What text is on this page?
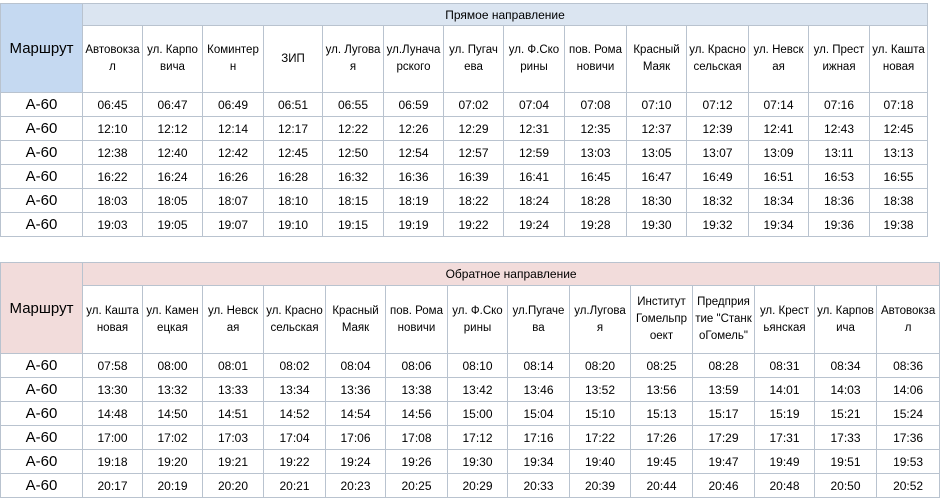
Маршрут	Прямое направление													
	Автовокзал	ул. Карповича	Коминтерн	ЗИП	ул. Луговая	ул.Луначарского	ул. Пугачева	ул. Ф.Скорины	пов. Романовичи	Красный Маяк	ул. Красносельская	ул. Невская	ул. Престижная	ул. Каштановая
А-60	06:45	06:47	06:49	06:51	06:55	06:59	07:02	07:04	07:08	07:10	07:12	07:14	07:16	07:18
А-60	12:10	12:12	12:14	12:17	12:22	12:26	12:29	12:31	12:35	12:37	12:39	12:41	12:43	12:45
А-60	12:38	12:40	12:42	12:45	12:50	12:54	12:57	12:59	13:03	13:05	13:07	13:09	13:11	13:13
А-60	16:22	16:24	16:26	16:28	16:32	16:36	16:39	16:41	16:45	16:47	16:49	16:51	16:53	16:55
А-60	18:03	18:05	18:07	18:10	18:15	18:19	18:22	18:24	18:28	18:30	18:32	18:34	18:36	18:38
А-60	19:03	19:05	19:07	19:10	19:15	19:19	19:22	19:24	19:28	19:30	19:32	19:34	19:36	19:38

Маршрут	Обратное направление													
	ул. Каштановая	ул. Каменецкая	ул. Невская	ул. Красносельская	Красный Маяк	пов. Романовичи	ул. Ф.Скорины	ул.Пугачева	ул.Луговая	Институт Гомельпроект	Предприятие "СтанкоГомель"	ул. Крестьянская	ул. Карповича	Автовокзал
А-60	07:58	08:00	08:01	08:02	08:04	08:06	08:10	08:14	08:20	08:25	08:28	08:31	08:34	08:36
А-60	13:30	13:32	13:33	13:34	13:36	13:38	13:42	13:46	13:52	13:56	13:59	14:01	14:03	14:06
А-60	14:48	14:50	14:51	14:52	14:54	14:56	15:00	15:04	15:10	15:13	15:17	15:19	15:21	15:24
А-60	17:00	17:02	17:03	17:04	17:06	17:08	17:12	17:16	17:22	17:26	17:29	17:31	17:33	17:36
А-60	19:18	19:20	19:21	19:22	19:24	19:26	19:30	19:34	19:40	19:45	19:47	19:49	19:51	19:53
А-60	20:17	20:19	20:20	20:21	20:23	20:25	20:29	20:33	20:39	20:44	20:46	20:48	20:50	20:52
